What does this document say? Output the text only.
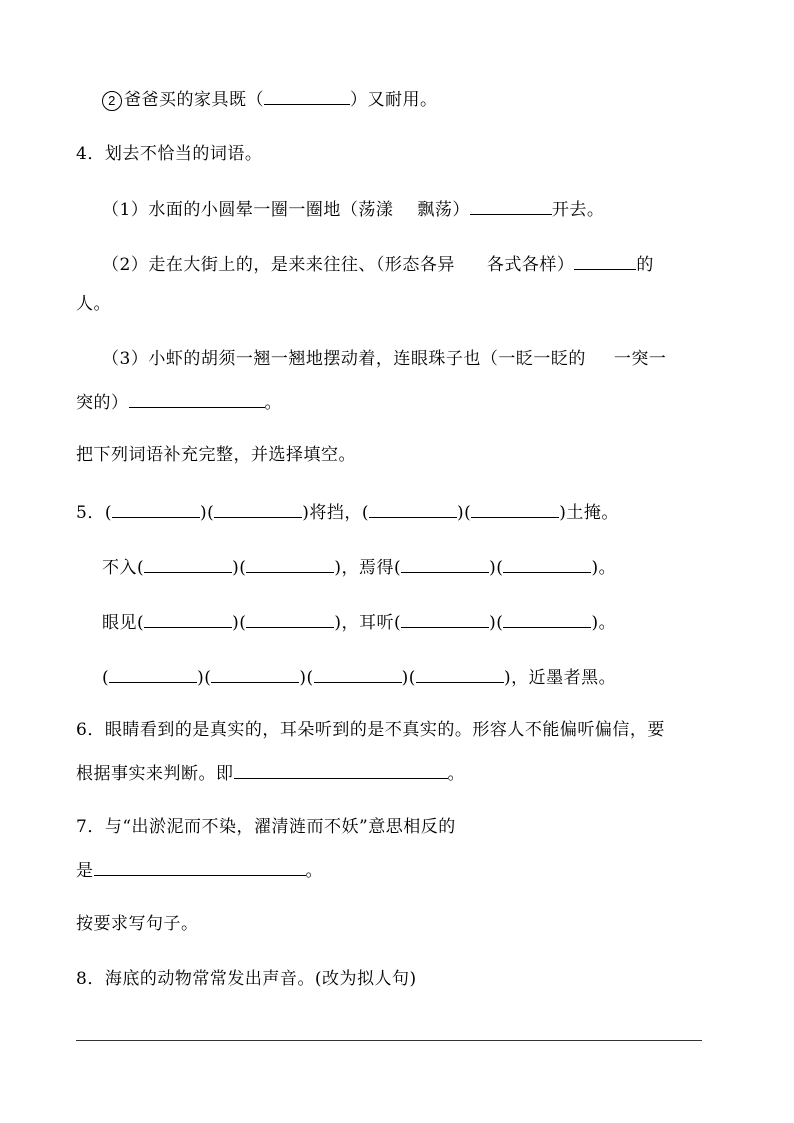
2 爸爸买的家具既（	）又耐用。
4．划去不恰当的词语。
（1）水面的小圆晕一圈一圈地（荡漾 飘荡）	开去。
（2）走在大街上的，是来来往往、（形态各异 各式各样）	的
人。
（3）小虾的胡须一翘一翘地摆动着，连眼珠子也（一眨一眨的 一突一
突的）	。
把下列词语补充完整，并选择填空。
5．(	)(	)将挡，(	)(	)土掩。
不入(	)(	)，焉得(	)(	)。
眼见(	)(	)，耳听(	)(	)。
(	)(	)(	)(	)，近墨者黑。
6．眼睛看到的是真实的，耳朵听到的是不真实的。形容人不能偏听偏信，要
根据事实来判断。即	。
7．与“出淤泥而不染，濯清涟而不妖”意思相反的
是	。
按要求写句子。
8．海底的动物常常发出声音。(改为拟人句)
